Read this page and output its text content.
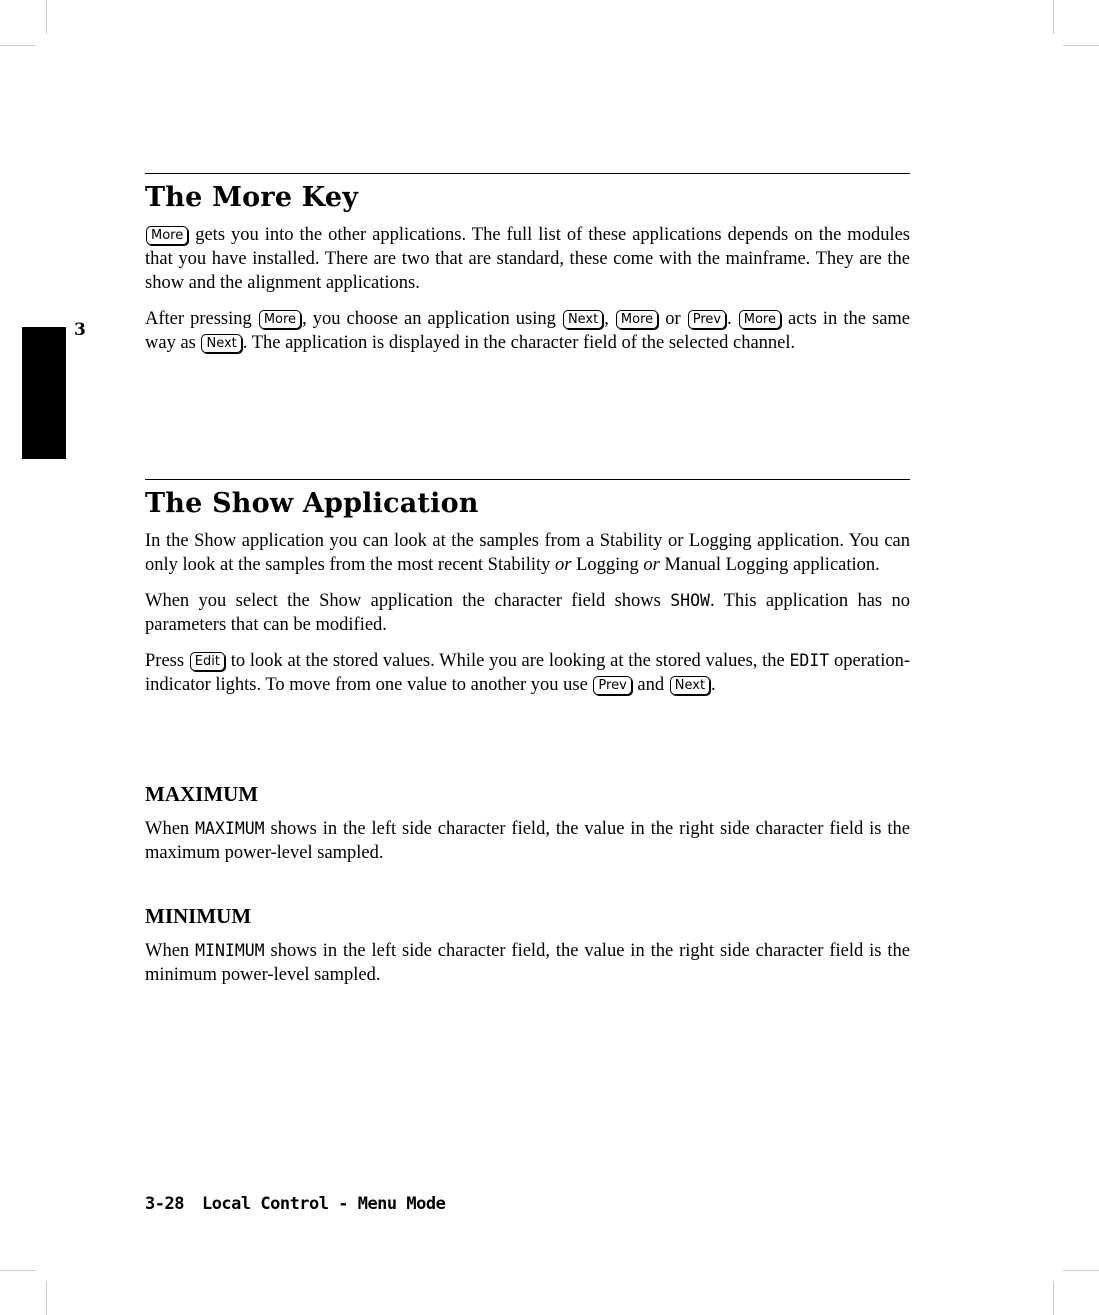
3
The More Key

More gets you into the other applications. The full list of these applications depends on the modules that you have installed. There are two that are standard, these come with the mainframe. They are the show and the alignment applications.

After pressing More , you choose an application using Next , More or Prev . More acts in the same way as Next . The application is displayed in the character field of the selected channel.

The Show Application

In the Show application you can look at the samples from a Stability or Logging application. You can only look at the samples from the most recent Stability or Logging or Manual Logging application.

When you select the Show application the character field shows SHOW. This application has no parameters that can be modified.

Press Edit to look at the stored values. While you are looking at the stored values, the EDIT operation-indicator lights. To move from one value to another you use Prev and Next .

MAXIMUM

When MAXIMUM shows in the left side character field, the value in the right side character field is the maximum power-level sampled.

MINIMUM

When MINIMUM shows in the left side character field, the value in the right side character field is the minimum power-level sampled.

3-28 Local Control - Menu Mode
